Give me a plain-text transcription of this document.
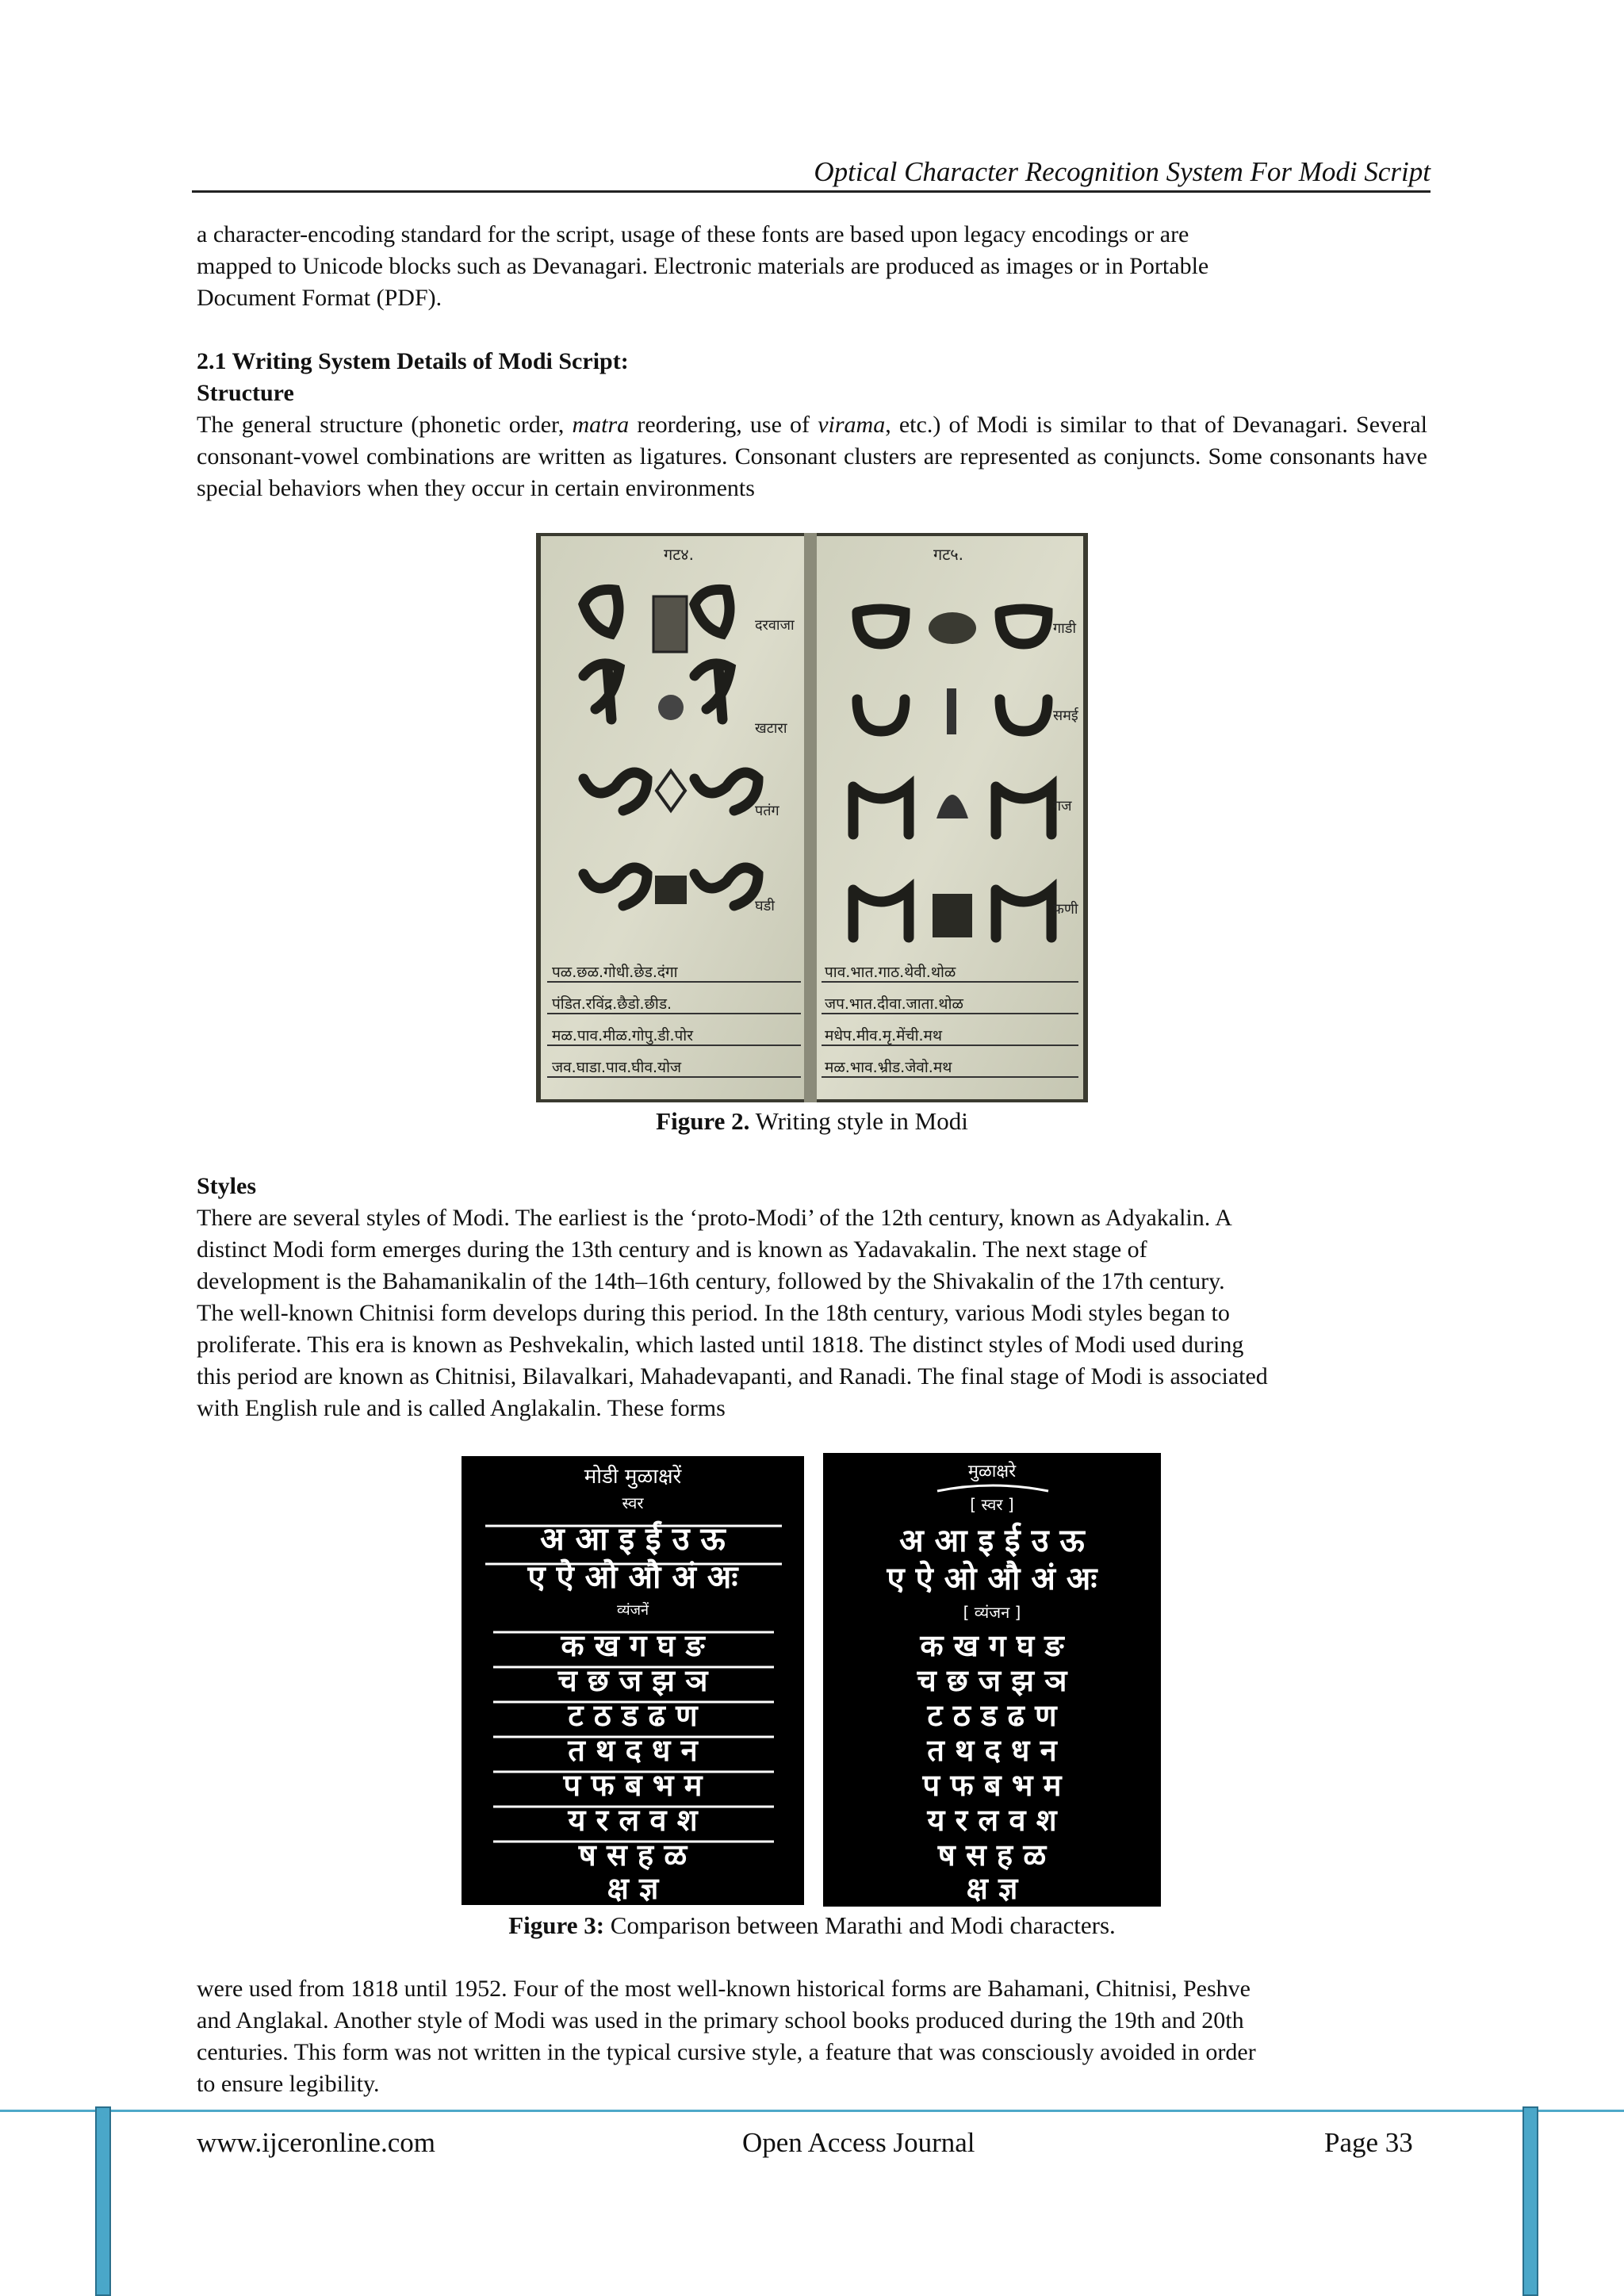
Optical Character Recognition System For Modi Script
a character-encoding standard for the script, usage of these fonts are based upon legacy encodings or are
mapped to Unicode blocks such as Devanagari. Electronic materials are produced as images or in Portable
Document Format (PDF).
2.1 Writing System Details of Modi Script:
Structure
The general structure (phonetic order, matra reordering, use of virama, etc.) of Modi is similar to that of Devanagari. Several consonant-vowel combinations are written as ligatures. Consonant clusters are represented as conjuncts. Some consonants have special behaviors when they occur in certain environments
गट४.	गट५.
दरवाजा
खटारा
पतंग
घडी
गाडी
समई
गज
फणी
पळ.छळ.गोधी.छेड.दंगा
पंडित.रविंद्र.छैडो.छीड.
मळ.पाव.मीळ.गोपु.डी.पोर
जव.घाडा.पाव.घीव.योज
पाव.भात.गाठ.थेवी.थोळ
जप.भात.दीवा.जाता.थोळ
मधेप.मीव.मृ.मेंची.मथ
मळ.भाव.भ्रीड.जेवो.मथ
Figure 2. Writing style in Modi
Styles
There are several styles of Modi. The earliest is the ‘proto-Modi’ of the 12th century, known as Adyakalin. A
distinct Modi form emerges during the 13th century and is known as Yadavakalin. The next stage of
development is the Bahamanikalin of the 14th–16th century, followed by the Shivakalin of the 17th century.
The well-known Chitnisi form develops during this period. In the 18th century, various Modi styles began to
proliferate. This era is known as Peshvekalin, which lasted until 1818. The distinct styles of Modi used during
this period are known as Chitnisi, Bilavalkari, Mahadevapanti, and Ranadi. The final stage of Modi is associated
with English rule and is called Anglakalin. These forms
मोडी मुळाक्षरें
स्वर
अ आ इ ई उ ऊ
ए ऐ ओ औ अं अः
व्यंजनें
क ख ग घ ङ
च छ ज झ ञ
ट ठ ड ढ ण
त थ द ध न
प फ ब भ म
य र ल व श
ष स ह ळ
क्ष ज्ञ
मुळाक्षरे
[ स्वर ]
अ आ इ ई उ ऊ
ए ऐ ओ औ अं अः
[ व्यंजन ]
क ख ग घ ङ
च छ ज झ ञ
ट ठ ड ढ ण
त थ द ध न
प फ ब भ म
य र ल व श
ष स ह ळ
क्ष ज्ञ
Figure 3: Comparison between Marathi and Modi characters.
were used from 1818 until 1952. Four of the most well-known historical forms are Bahamani, Chitnisi, Peshve
and Anglakal. Another style of Modi was used in the primary school books produced during the 19th and 20th
centuries. This form was not written in the typical cursive style, a feature that was consciously avoided in order
to ensure legibility.
www.ijceronline.com	Open Access Journal	Page 33
